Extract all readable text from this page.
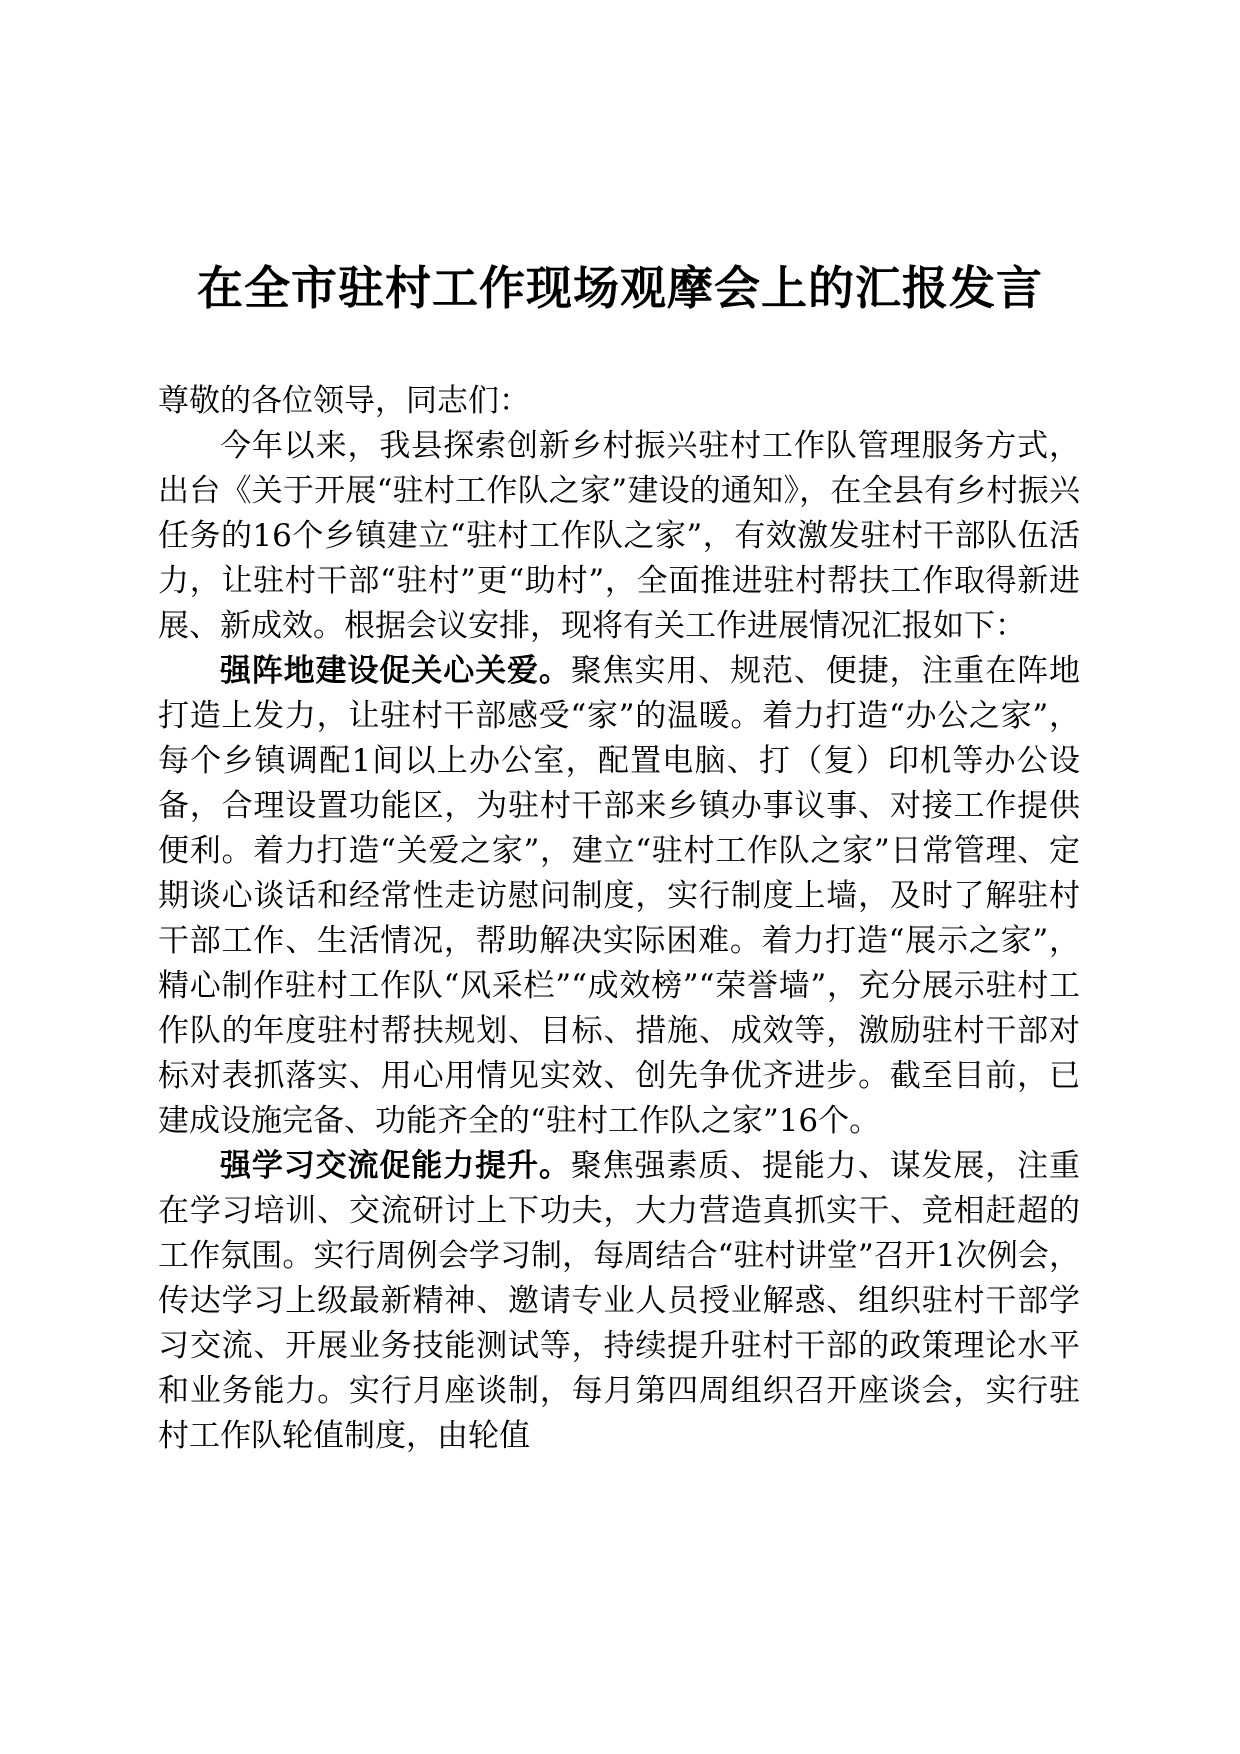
在全市驻村工作现场观摩会上的汇报发言

尊敬的各位领导，同志们：

今年以来，我县探索创新乡村振兴驻村工作队管理服务方式，出台《关于开展“驻村工作队之家”建设的通知》，在全县有乡村振兴任务的16个乡镇建立“驻村工作队之家”，有效激发驻村干部队伍活力，让驻村干部“驻村”更“助村”，全面推进驻村帮扶工作取得新进展、新成效。根据会议安排，现将有关工作进展情况汇报如下：

强阵地建设促关心关爱。聚焦实用、规范、便捷，注重在阵地打造上发力，让驻村干部感受“家”的温暖。着力打造“办公之家”，每个乡镇调配1间以上办公室，配置电脑、打（复）印机等办公设备，合理设置功能区，为驻村干部来乡镇办事议事、对接工作提供便利。着力打造“关爱之家”，建立“驻村工作队之家”日常管理、定期谈心谈话和经常性走访慰问制度，实行制度上墙，及时了解驻村干部工作、生活情况，帮助解决实际困难。着力打造“展示之家”，精心制作驻村工作队“风采栏”“成效榜”“荣誉墙”，充分展示驻村工作队的年度驻村帮扶规划、目标、措施、成效等，激励驻村干部对标对表抓落实、用心用情见实效、创先争优齐进步。截至目前，已建成设施完备、功能齐全的“驻村工作队之家”16个。

强学习交流促能力提升。聚焦强素质、提能力、谋发展，注重在学习培训、交流研讨上下功夫，大力营造真抓实干、竞相赶超的工作氛围。实行周例会学习制，每周结合“驻村讲堂”召开1次例会，传达学习上级最新精神、邀请专业人员授业解惑、组织驻村干部学习交流、开展业务技能测试等，持续提升驻村干部的政策理论水平和业务能力。实行月座谈制，每月第四周组织召开座谈会，实行驻村工作队轮值制度，由轮值
